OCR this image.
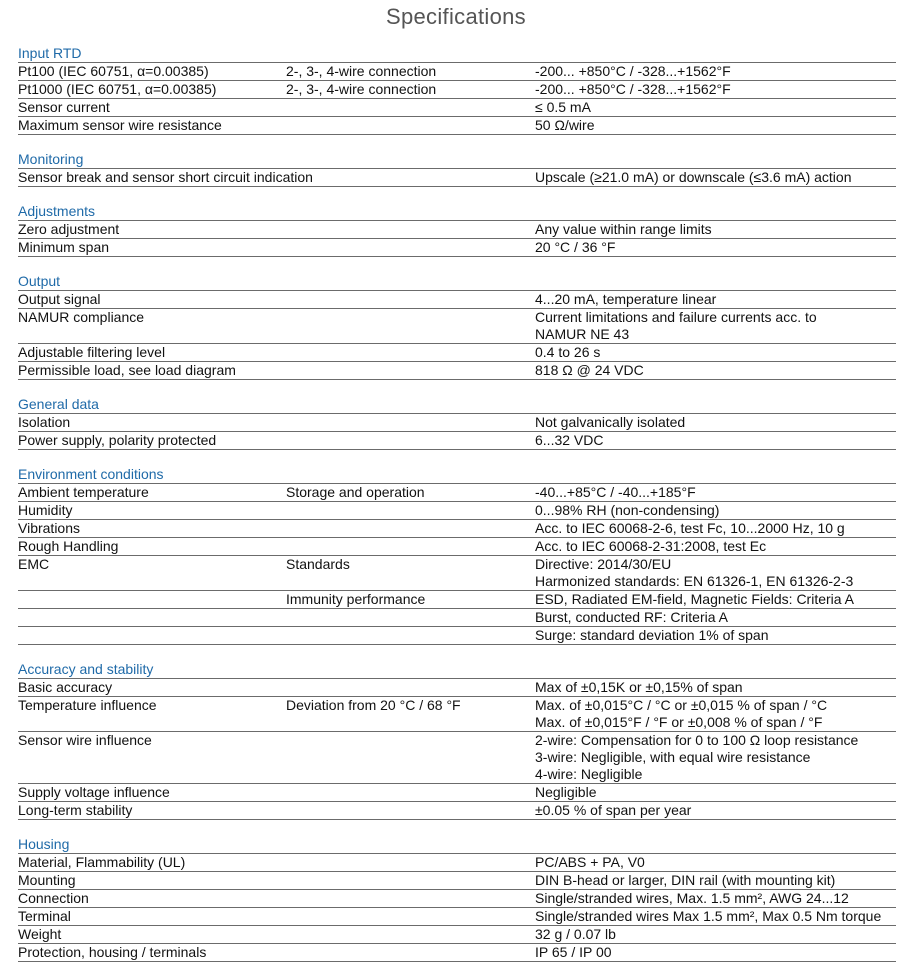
Specifications
Input RTD
Pt100 (IEC 60751, α=0.00385)	2-, 3-, 4-wire connection	-200... +850°C / -328...+1562°F
Pt1000 (IEC 60751, α=0.00385)	2-, 3-, 4-wire connection	-200... +850°C / -328...+1562°F
Sensor current	≤ 0.5 mA
Maximum sensor wire resistance	50 Ω/wire
Monitoring
Sensor break and sensor short circuit indication	Upscale (≥21.0 mA) or downscale (≤3.6 mA) action
Adjustments
Zero adjustment	Any value within range limits
Minimum span	20 °C / 36 °F
Output
Output signal	4...20 mA, temperature linear
NAMUR compliance	Current limitations and failure currents acc. to
NAMUR NE 43
Adjustable filtering level	0.4 to 26 s
Permissible load, see load diagram	818 Ω @ 24 VDC
General data
Isolation	Not galvanically isolated
Power supply, polarity protected	6...32 VDC
Environment conditions
Ambient temperature	Storage and operation	-40...+85°C / -40...+185°F
Humidity	0...98% RH (non-condensing)
Vibrations	Acc. to IEC 60068-2-6, test Fc, 10...2000 Hz, 10 g
Rough Handling	Acc. to IEC 60068-2-31:2008, test Ec
EMC	Standards	Directive: 2014/30/EU
Harmonized standards: EN 61326-1, EN 61326-2-3
Immunity performance	ESD, Radiated EM-field, Magnetic Fields: Criteria A
Burst, conducted RF: Criteria A
Surge: standard deviation 1% of span
Accuracy and stability
Basic accuracy	Max of ±0,15K or ±0,15% of span
Temperature influence	Deviation from 20 °C / 68 °F	Max. of ±0,015°C / °C or ±0,015 % of span / °C
Max. of ±0,015°F / °F or ±0,008 % of span / °F
Sensor wire influence	2-wire: Compensation for 0 to 100 Ω loop resistance
3-wire: Negligible, with equal wire resistance
4-wire: Negligible
Supply voltage influence	Negligible
Long-term stability	±0.05 % of span per year
Housing
Material, Flammability (UL)	PC/ABS + PA, V0
Mounting	DIN B-head or larger, DIN rail (with mounting kit)
Connection	Single/stranded wires, Max. 1.5 mm², AWG 24...12
Terminal	Single/stranded wires Max 1.5 mm², Max 0.5 Nm torque
Weight	32 g / 0.07 lb
Protection, housing / terminals	IP 65 / IP 00
